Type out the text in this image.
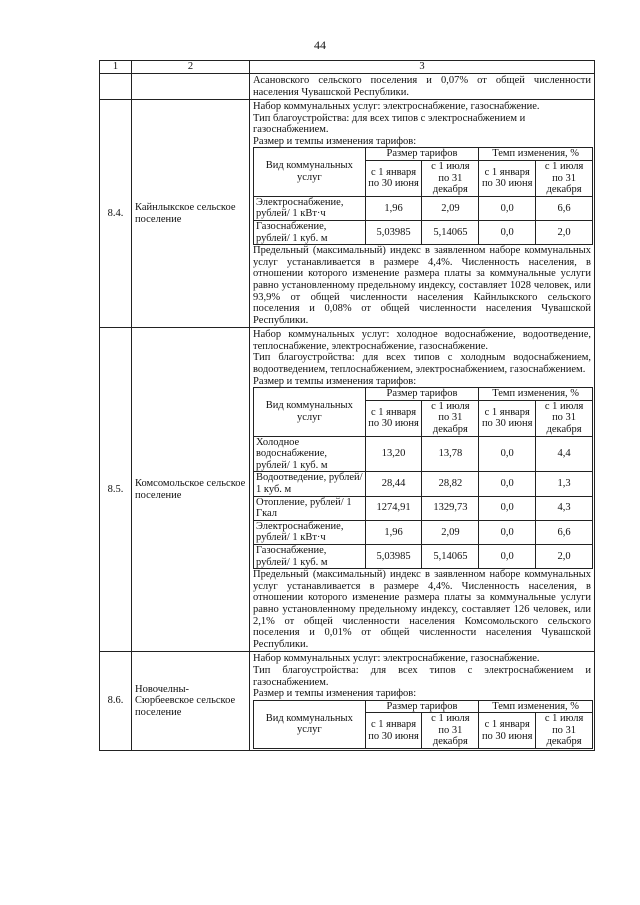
44
1	2	3
		Асановского сельского поселения и 0,07% от общей численности населения Чувашской Республики.
8.4.	Кайнлыкское сельское поселение	

Набор коммунальных услуг: электроснабжение, газоснабжение.

Тип благоустройства: для всех типов с электроснабжением и газоснабжением.

Размер и темпы изменения тарифов:

Вид коммунальных услуг	Размер тарифов	Темп изменения, %
с 1 января по 30 июня	с 1 июля по 31 декабря	с 1 января по 30 июня	с 1 июля по 31 декабря
Электроснабжение, рублей/ 1 кВт·ч	1,96	2,09	0,0	6,6
Газоснабжение, рублей/ 1 куб. м	5,03985	5,14065	0,0	2,0

Предельный (максимальный) индекс в заявленном наборе коммунальных услуг устанавливается в размере 4,4%. Численность населения, в отношении которого изменение размера платы за коммунальные услуги равно установленному предельному индексу, составляет 1028 человек, или 93,9% от общей численности населения Кайнлыкского сельского поселения и 0,08% от общей численности населения Чувашской Республики.

8.5.	Комсомольское сельское поселение	

Набор коммунальных услуг: холодное водоснабжение, водоотведение, теплоснабжение, электроснабжение, газоснабжение.

Тип благоустройства: для всех типов с холодным водоснабжением, водоотведением, теплоснабжением, электроснабжением, газоснабжением.

Размер и темпы изменения тарифов:

Вид коммунальных услуг	Размер тарифов	Темп изменения, %
с 1 января по 30 июня	с 1 июля по 31 декабря	с 1 января по 30 июня	с 1 июля по 31 декабря
Холодное водоснабжение, рублей/ 1 куб. м	13,20	13,78	0,0	4,4
Водоотведение, рублей/ 1 куб. м	28,44	28,82	0,0	1,3
Отопление, рублей/ 1 Гкал	1274,91	1329,73	0,0	4,3
Электроснабжение, рублей/ 1 кВт·ч	1,96	2,09	0,0	6,6
Газоснабжение, рублей/ 1 куб. м	5,03985	5,14065	0,0	2,0

Предельный (максимальный) индекс в заявленном наборе коммунальных услуг устанавливается в размере 4,4%. Численность населения, в отношении которого изменение размера платы за коммунальные услуги равно установленному предельному индексу, составляет 126 человек, или 2,1% от общей численности населения Комсомольского сельского поселения и 0,01% от общей численности населения Чувашской Республики.

8.6.	Новочелны-Сюрбеевское сельское поселение	

Набор коммунальных услуг: электроснабжение, газоснабжение.

Тип благоустройства: для всех типов с электроснабжением и газоснабжением.

Размер и темпы изменения тарифов:

Вид коммунальных услуг	Размер тарифов	Темп изменения, %
с 1 января по 30 июня	с 1 июля по 31 декабря	с 1 января по 30 июня	с 1 июля по 31 декабря
